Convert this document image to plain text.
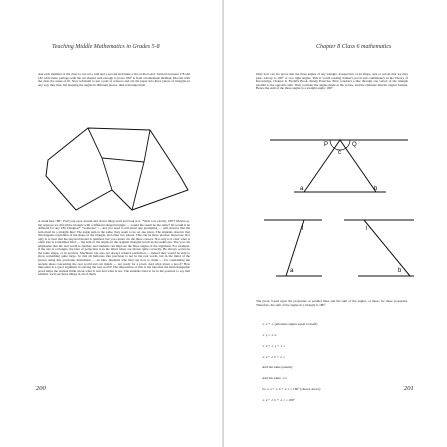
Teaching Middle Mathematics in Grades 5-8
Ask each member of the class to cut out a fold and a second and make a list on the board. Vertical between 178 and 182 with some, perhaps with the cut shaped well enough to prove 180° is from a homemade member. Discuss with the class the sense of fit. Now tell them to use a pair of scissors and cut the paper into three pieces of triangles in any way they like, but keeping the angles in different pieces, then rearrange them.
A result like 180°. Pull your eyes around and clever thing from and look at it. "Well, is it exactly 180°? Maybe so, but suppose we did all the triangle with a different shaped triangle — would the result be the same? Or would it be different for any 180 triangles?" "Someone" — and you need to tell about any prompting — will observe that the sum must be a straight line! The angle sum is the same, they seem to be on one place. The students observe that this happens regardless of the shape of the triangle, and other two pieces. This can be more precise: moreover, Not only is it clear that the physical model is justified, but you cannot cut the three corners. Not only is it clear what is often true is sometimes hard — the sum of the angles in the original triangles involves the unknown. The you can emphasize that the real world is another, and students can improve the three angles of the argument. For example, if the one is a triangle, the idea of perfection is in the mind. Ideas are shown quite correctly. He always occurs in the same shape, or in practice. Machines can also not always achieve perfection — indeed they would be able to show something quite large. So this all indicates that precision is not in the real world, but in the mind of the person using this particular instrument — an idea. Students who find out how to think — for considering the ancient ideas concerning the real world and our minds — are ready for a proof. And what about a proof? How important is a good argument in solving the real world? The importance of this is the idea that the interchangeable proof helps the student think about what is real and what is not. The students tried to be in the position to say that whether we'll see three things in all of them.
200
Chapter 8 Class 6 mathematics
Only now can we prove that the three angles of any triangle, irrespective of its shape, size or colour that we may pick, add up to 180° or two right angles. This is worth reading Sankar's proof and commentary in his Theory of Knowledge, Chapter 6, Euclid's Book. Ready Exercise. First construct a line through one vertex of the triangle parallel to the opposite side. Then consider the angles made at the vertex, and the alternate interior angles formed. Hence the sum of the three angles is a straight angle: 180°.
P	Q
c
a	b
l	l
a	b
The proof, based upon the properties of parallel lines and the sum of the angles, of these, for these properties. Therefore, the sum of the angles in a triangle is 180°.

∠ x + ∠ (alternate angles equal to itself)

∠ y = ∠ b

∠ x + ∠ y + ∠ c

∠ a + ∠ b + ∠ c

Add the same quantity

Add the same: ∠a

So ∠ a + ∠ b + ∠ c = 180° (shown above)

∠ a + ∠ b + ∠ c = 180°

201
